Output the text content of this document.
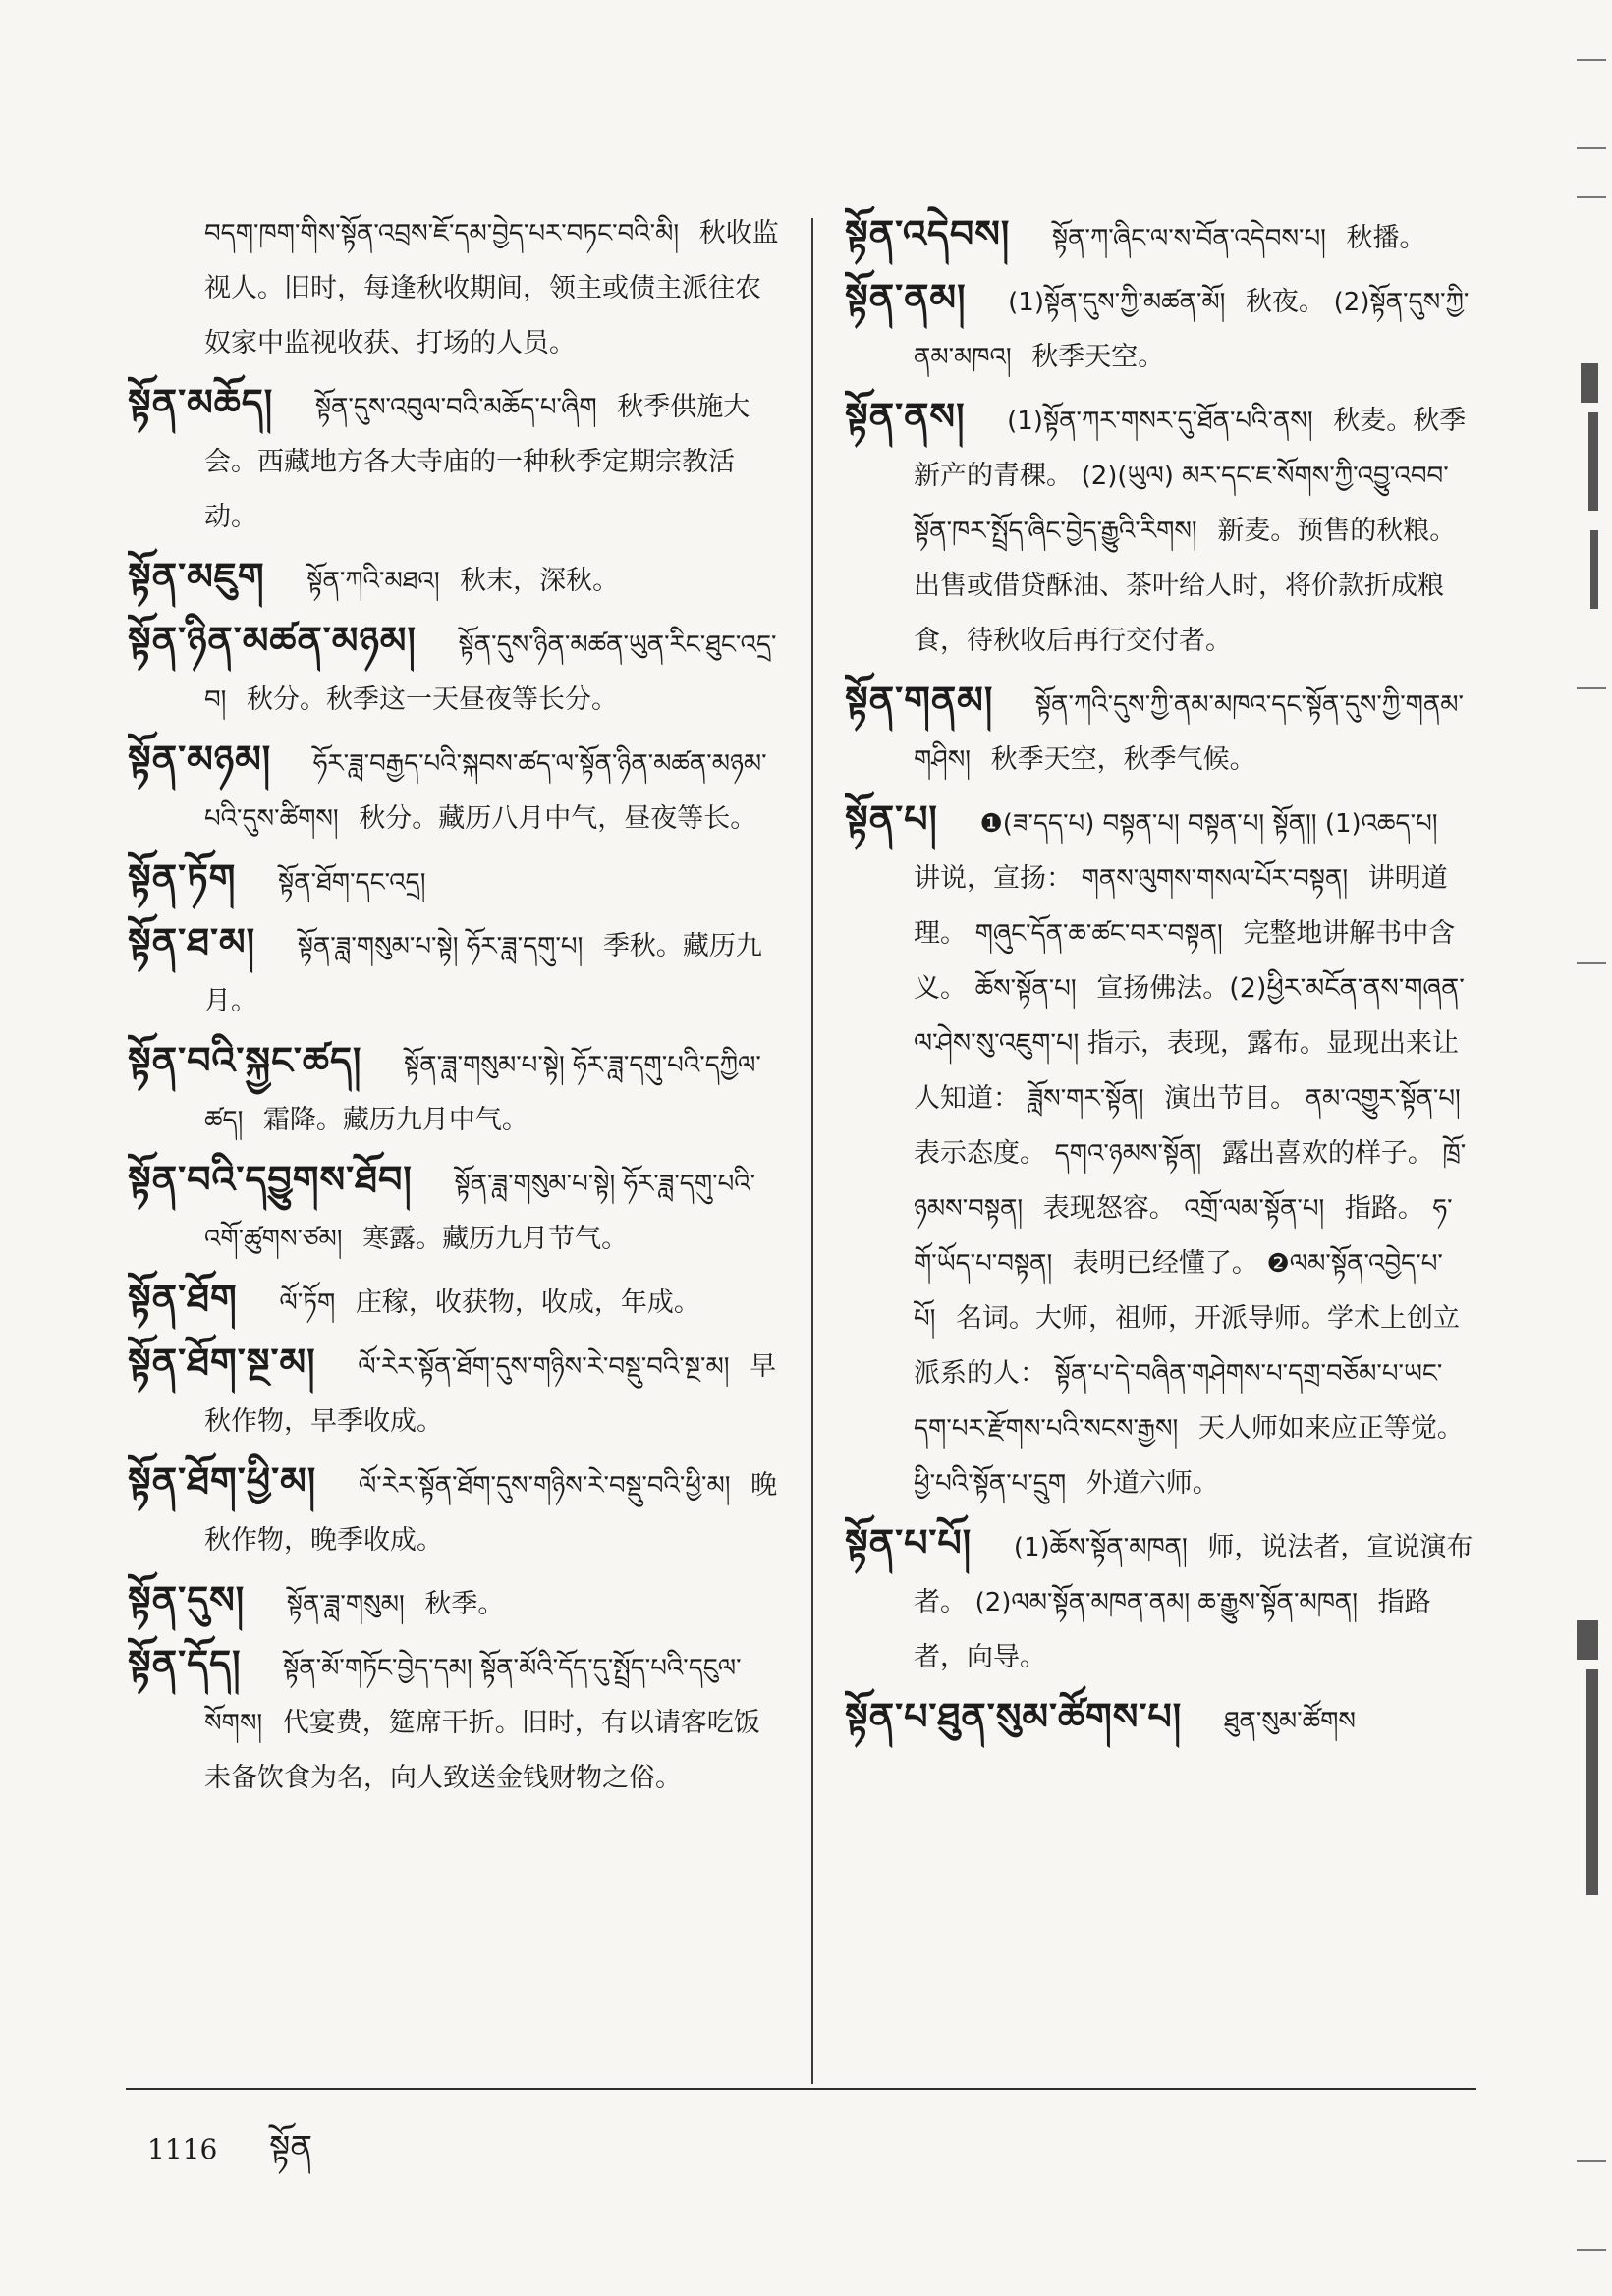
བདག་ཁག་གིས་སྟོན་འབྲས་ཇོ་དམ་བྱེད་པར་བཏང་བའི་མི། 秋收监视人。旧时，每逢秋收期间，领主或债主派往农奴家中监视收获、打场的人员。

སྟོན་མཆོད། སྟོན་དུས་འབུལ་བའི་མཆོད་པ་ཞིག 秋季供施大会。西藏地方各大寺庙的一种秋季定期宗教活动。

སྟོན་མཇུག སྟོན་ཀའི་མཐའ། 秋末，深秋。

སྟོན་ཉིན་མཚན་མཉམ། སྟོན་དུས་ཉིན་མཚན་ཡུན་རིང་ཐུང་འདྲ་བ། 秋分。秋季这一天昼夜等长分。

སྟོན་མཉམ། ཧོར་ཟླ་བརྒྱད་པའི་སྐབས་ཚད་ལ་སྟོན་ཉིན་མཚན་མཉམ་པའི་དུས་ཚིགས། 秋分。藏历八月中气，昼夜等长。

སྟོན་ཏོག སྟོན་ཐོག་དང་འདྲ།

སྟོན་ཐ་མ། སྟོན་ཟླ་གསུམ་པ་སྟེ། ཧོར་ཟླ་དགུ་པ། 季秋。藏历九月。

སྟོན་བའི་སྐྱང་ཚད། སྟོན་ཟླ་གསུམ་པ་སྟེ། ཧོར་ཟླ་དགུ་པའི་དཀྱིལ་ཚད། 霜降。藏历九月中气。

སྟོན་བའི་དབྱུགས་ཐོབ། སྟོན་ཟླ་གསུམ་པ་སྟེ། ཧོར་ཟླ་དགུ་པའི་འགོ་ཚུགས་ཙམ། 寒露。藏历九月节气。

སྟོན་ཐོག ལོ་ཏོག 庄稼，收获物，收成，年成。

སྟོན་ཐོག་སྔ་མ། ལོ་རེར་སྟོན་ཐོག་དུས་གཉིས་རེ་བསྡུ་བའི་སྔ་མ། 早秋作物，早季收成。

སྟོན་ཐོག་ཕྱི་མ། ལོ་རེར་སྟོན་ཐོག་དུས་གཉིས་རེ་བསྡུ་བའི་ཕྱི་མ། 晚秋作物，晚季收成。

སྟོན་དུས། སྟོན་ཟླ་གསུམ། 秋季。

སྟོན་དོད། སྟོན་མོ་གཏོང་བྱེད་དམ། སྟོན་མོའི་དོད་དུ་སྤྲོད་པའི་དངུལ་སོགས། 代宴费，筵席干折。旧时，有以请客吃饭未备饮食为名，向人致送金钱财物之俗。

སྟོན་འདེབས། སྟོན་ཀ་ཞིང་ལ་ས་བོན་འདེབས་པ། 秋播。

སྟོན་ནམ། (1)སྟོན་དུས་ཀྱི་མཚན་མོ། 秋夜。 (2)སྟོན་དུས་ཀྱི་ནམ་མཁའ། 秋季天空。

སྟོན་ནས། (1)སྟོན་ཀར་གསར་དུ་ཐོན་པའི་ནས། 秋麦。秋季新产的青稞。 (2)(ཡུལ) མར་དང་ཇ་སོགས་ཀྱི་འབྱུ་འབབ་སྟོན་ཁར་སྤྲོད་ཞིང་བྱེད་རྒྱུའི་རིགས། 新麦。预售的秋粮。出售或借贷酥油、茶叶给人时，将价款折成粮食，待秋收后再行交付者。

སྟོན་གནམ། སྟོན་ཀའི་དུས་ཀྱི་ནམ་མཁའ་དང་སྟོན་དུས་ཀྱི་གནམ་གཤིས། 秋季天空，秋季气候。

སྟོན་པ། ❶(ཟ་དད་པ) བསྟན་པ། བསྟན་པ། སྟོན།། (1)འཆད་པ། 讲说，宣扬： གནས་ལུགས་གསལ་པོར་བསྟན། 讲明道理。 གཞུང་དོན་ཆ་ཚང་བར་བསྟན། 完整地讲解书中含义。 ཆོས་སྟོན་པ། 宣扬佛法。(2)ཕྱིར་མངོན་ནས་གཞན་ལ་ཤེས་སུ་འཇུག་པ། 指示，表现，露布。显现出来让人知道： ཟློས་གར་སྟོན། 演出节目。 ནམ་འགྱུར་སྟོན་པ། 表示态度。 དགའ་ཉམས་སྟོན། 露出喜欢的样子。 ཁྲོ་ཉམས་བསྟན། 表现怒容。 འགྲོ་ལམ་སྟོན་པ། 指路。 ཧ་གོ་ཡོད་པ་བསྟན། 表明已经懂了。 ❷ལམ་སྟོན་འབྱེད་པ་པོ། 名词。大师，祖师，开派导师。学术上创立派系的人： སྟོན་པ་དེ་བཞིན་གཤེགས་པ་དགྲ་བཅོམ་པ་ཡང་དག་པར་རྫོགས་པའི་སངས་རྒྱས། 天人师如来应正等觉。 ཕྱི་པའི་སྟོན་པ་དྲུག 外道六师。

སྟོན་པ་པོ། (1)ཆོས་སྟོན་མཁན། 师，说法者，宣说演布者。 (2)ལམ་སྟོན་མཁན་ནམ། ཆ་རྒྱུས་སྟོན་མཁན། 指路者，向导。

སྟོན་པ་ཐུན་སུམ་ཚོགས་པ། ཐུན་སུམ་ཚོགས

1116 སྟོན
